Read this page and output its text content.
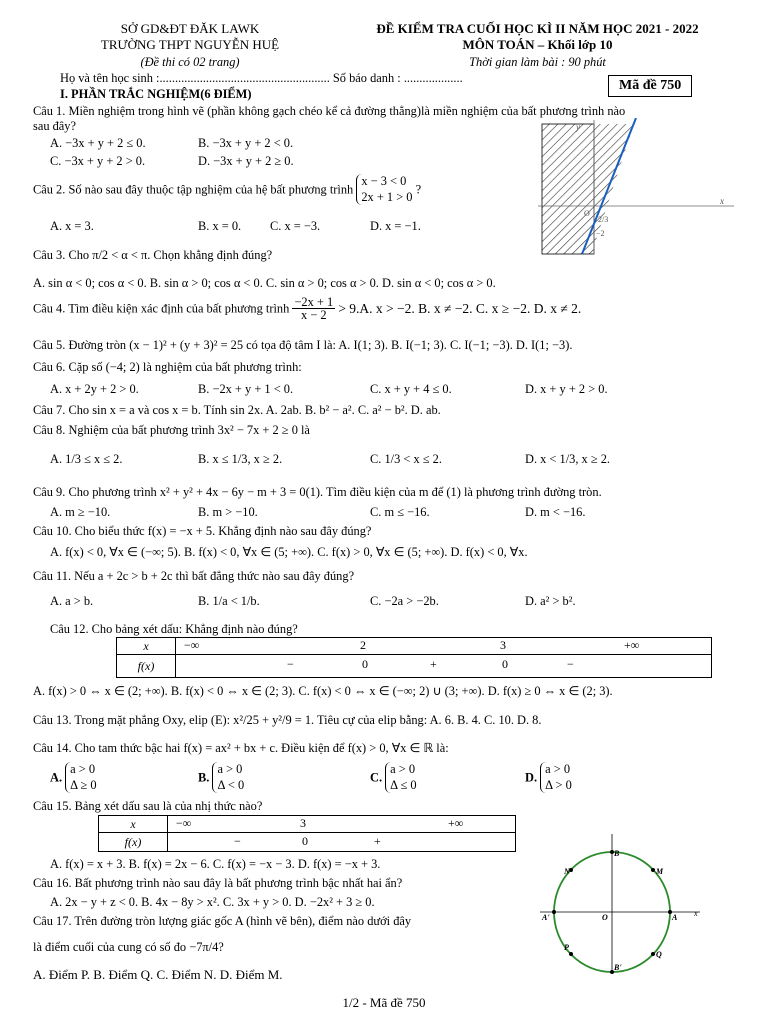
SỞ GD&ĐT ĐĂK LAWK
TRƯỜNG THPT NGUYỄN HUỆ
(Đề thi có 02 trang)
ĐỀ KIỂM TRA CUỐI HỌC KÌ II NĂM HỌC 2021 - 2022
MÔN TOÁN – Khối lớp 10
Thời gian làm bài : 90 phút
Họ và tên học sinh :....................................................... Số báo danh : ...................	Mã đề 750
I. PHẦN TRẮC NGHIỆM(6 ĐIỂM)
Câu 1. Miền nghiệm trong hình vẽ (phần không gạch chéo kể cả đường thẳng)là miền nghiệm của bất phương trình nào
sau đây?
A. −3x + y + 2 ≤ 0.	B. −3x + y + 2 < 0.
C. −3x + y + 2 > 0.	D. −3x + y + 2 ≥ 0.
y
x
O
2/3
−2
Câu 2. Số nào sau đây thuộc tập nghiệm của hệ bất phương trình
x − 3 < 0
2x + 1 > 0
?
A. x = 3.	B. x = 0. C. x = −3.	D. x = −1.
Câu 3. Cho π/2 < α < π. Chọn khẳng định đúng?
A. sin α < 0; cos α < 0. B. sin α > 0; cos α < 0. C. sin α > 0; cos α > 0. D. sin α < 0; cos α > 0.
Câu 4. Tìm điều kiện xác định của bất phương trình $\frac{-2x + 1}{x - 2} > 9.A$. x > −2. B. x ≠ −2. C. x ≥ −2. D. x ≠ 2.
Câu 5. Đường tròn (x − 1)² + (y + 3)² = 25 có tọa độ tâm I là: A. I(1; 3). B. I(−1; 3). C. I(−1; −3). D. I(1; −3).
Câu 6. Cặp số (−4; 2) là nghiệm của bất phương trình:
A. x + 2y + 2 > 0.	B. −2x + y + 1 < 0.	C. x + y + 4 ≤ 0.	D. x + y + 2 > 0.
Câu 7. Cho sin x = a và cos x = b. Tính sin 2x. A. 2ab. B. b² − a². C. a² − b². D. ab.
Câu 8. Nghiệm của bất phương trình 3x² − 7x + 2 ≥ 0 là
A. 1/3 ≤ x ≤ 2.	B. x ≤ 1/3, x ≥ 2.	C. 1/3 < x ≤ 2.	D. x < 1/3, x ≥ 2.
Câu 9. Cho phương trình x² + y² + 4x − 6y − m + 3 = 0(1). Tìm điều kiện của m để (1) là phương trình đường tròn.
A. m ≥ −10.	B. m > −10.	C. m ≤ −16.	D. m < −16.
Câu 10. Cho biểu thức f(x) = −x + 5. Khẳng định nào sau đây đúng?
A. f(x) < 0, ∀x ∈ (−∞; 5). B. f(x) < 0, ∀x ∈ (5; +∞). C. f(x) > 0, ∀x ∈ (5; +∞). D. f(x) < 0, ∀x.
Câu 11. Nếu a + 2c > b + 2c thì bất đẳng thức nào sau đây đúng?
A. a > b.	B. 1/a < 1/b.	C. −2a > −2b.	D. a² > b².
Câu 12. Cho bảng xét dấu: Khẳng định nào đúng?
x	−∞ 2 3 +∞

f(x)	− 0 + 0 −
A. f(x) > 0 ⇔ x ∈ (2; +∞). B. f(x) < 0 ⇔ x ∈ (2; 3). C. f(x) < 0 ⇔ x ∈ (−∞; 2) ∪ (3; +∞). D. f(x) ≥ 0 ⇔ x ∈ (2; 3).
Câu 13. Trong mặt phẳng Oxy, elip (E): x²/25 + y²/9 = 1. Tiêu cự của elip bằng: A. 6. B. 4. C. 10. D. 8.
Câu 14. Cho tam thức bậc hai f(x) = ax² + bx + c. Điều kiện để f(x) > 0, ∀x ∈ ℝ là:
A.
a > 0
Δ ≥ 0
B.
a > 0
Δ < 0
C.
a > 0
Δ ≤ 0
D.
a > 0
Δ > 0
Câu 15. Bảng xét dấu sau là của nhị thức nào?
x	−∞ 3 +∞

f(x)	− 0 +
A. f(x) = x + 3. B. f(x) = 2x − 6. C. f(x) = −x − 3. D. f(x) = −x + 3.
Câu 16. Bất phương trình nào sau đây là bất phương trình bậc nhất hai ẩn?
A. 2x − y + z < 0. B. 4x − 8y > x². C. 3x + y > 0. D. −2x² + 3 ≥ 0.
Câu 17. Trên đường tròn lượng giác gốc A (hình vẽ bên), điểm nào dưới đây
là điểm cuối của cung có số đo −7π/4?
A. Điểm P. B. Điểm Q. C. Điểm N. D. Điểm M.
B
N	M
A'	O	A
P
Q
B'
x
1/2 - Mã đề 750
